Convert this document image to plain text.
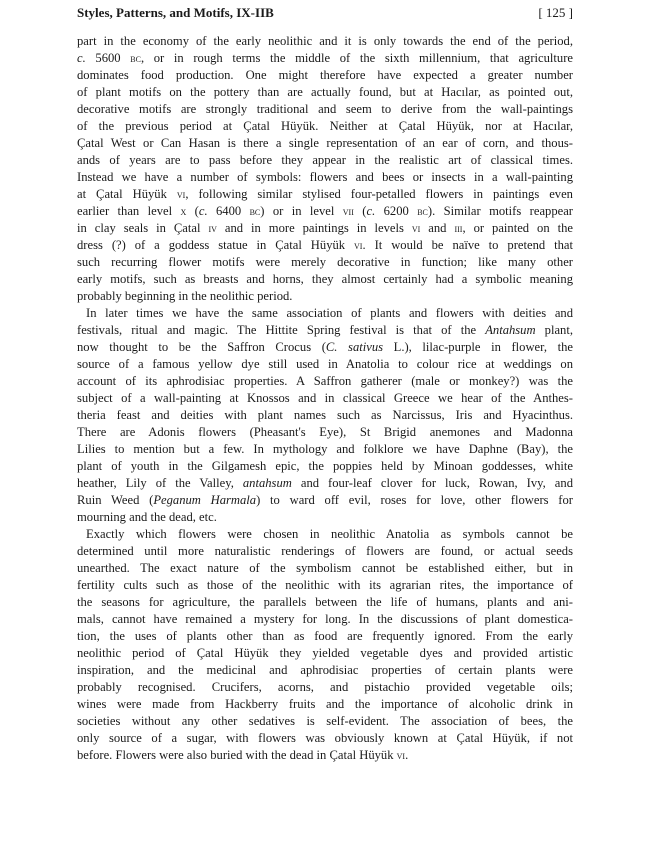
Styles, Patterns, and Motifs, IX-IIB	[ 125 ]
part in the economy of the early neolithic and it is only towards the end of the period,
c. 5600 bc, or in rough terms the middle of the sixth millennium, that agriculture
dominates food production. One might therefore have expected a greater number
of plant motifs on the pottery than are actually found, but at Hacılar, as pointed out,
decorative motifs are strongly traditional and seem to derive from the wall-paintings
of the previous period at Çatal Hüyük. Neither at Çatal Hüyük, nor at Hacılar,
Çatal West or Can Hasan is there a single representation of an ear of corn, and thous-
ands of years are to pass before they appear in the realistic art of classical times.
Instead we have a number of symbols: flowers and bees or insects in a wall-painting
at Çatal Hüyük vi, following similar stylised four-petalled flowers in paintings even
earlier than level x (c. 6400 bc) or in level vii (c. 6200 bc). Similar motifs reappear
in clay seals in Çatal iv and in more paintings in levels vi and iii, or painted on the
dress (?) of a goddess statue in Çatal Hüyük vi. It would be naïve to pretend that
such recurring flower motifs were merely decorative in function; like many other
early motifs, such as breasts and horns, they almost certainly had a symbolic meaning
probably beginning in the neolithic period.
In later times we have the same association of plants and flowers with deities and
festivals, ritual and magic. The Hittite Spring festival is that of the Antahsum plant,
now thought to be the Saffron Crocus (C. sativus L.), lilac-purple in flower, the
source of a famous yellow dye still used in Anatolia to colour rice at weddings on
account of its aphrodisiac properties. A Saffron gatherer (male or monkey?) was the
subject of a wall-painting at Knossos and in classical Greece we hear of the Anthes-
theria feast and deities with plant names such as Narcissus, Iris and Hyacinthus.
There are Adonis flowers (Pheasant's Eye), St Brigid anemones and Madonna
Lilies to mention but a few. In mythology and folklore we have Daphne (Bay), the
plant of youth in the Gilgamesh epic, the poppies held by Minoan goddesses, white
heather, Lily of the Valley, antahsum and four-leaf clover for luck, Rowan, Ivy, and
Ruin Weed (Peganum Harmala) to ward off evil, roses for love, other flowers for
mourning and the dead, etc.
Exactly which flowers were chosen in neolithic Anatolia as symbols cannot be
determined until more naturalistic renderings of flowers are found, or actual seeds
unearthed. The exact nature of the symbolism cannot be established either, but in
fertility cults such as those of the neolithic with its agrarian rites, the importance of
the seasons for agriculture, the parallels between the life of humans, plants and ani-
mals, cannot have remained a mystery for long. In the discussions of plant domestica-
tion, the uses of plants other than as food are frequently ignored. From the early
neolithic period of Çatal Hüyük they yielded vegetable dyes and provided artistic
inspiration, and the medicinal and aphrodisiac properties of certain plants were
probably recognised. Crucifers, acorns, and pistachio provided vegetable oils;
wines were made from Hackberry fruits and the importance of alcoholic drink in
societies without any other sedatives is self-evident. The association of bees, the
only source of a sugar, with flowers was obviously known at Çatal Hüyük, if not
before. Flowers were also buried with the dead in Çatal Hüyük vi.
